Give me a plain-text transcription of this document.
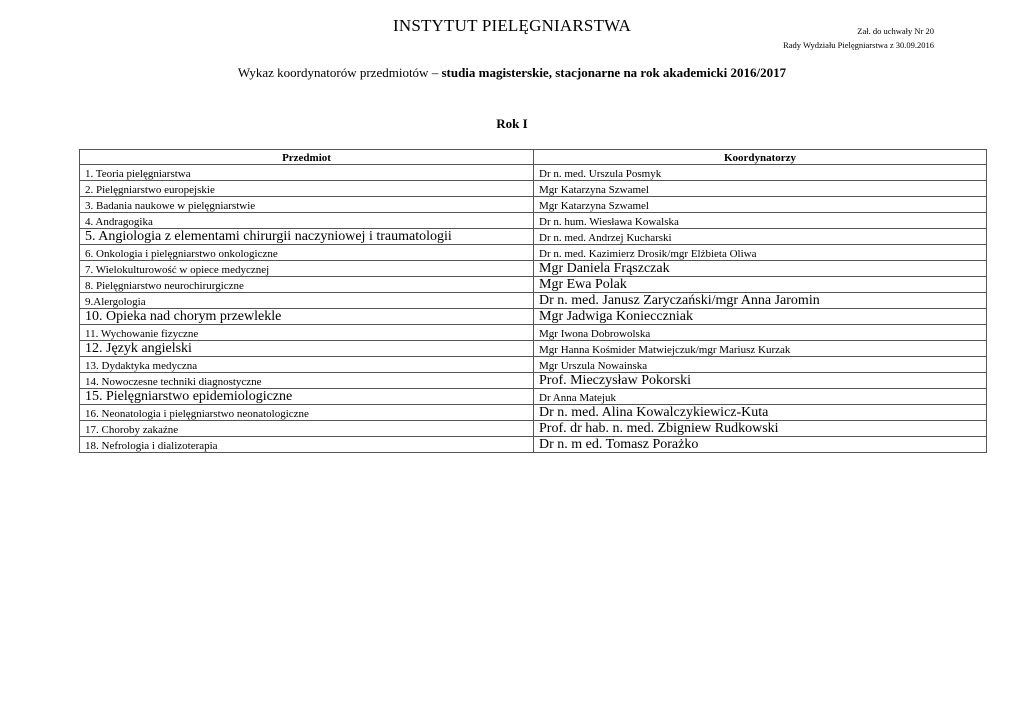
INSTYTUT PIELĘGNIARSTWA	Zał. do uchwały Nr 20
Rady Wydziału Pielęgniarstwa z 30.09.2016
Wykaz koordynatorów przedmiotów – studia magisterskie, stacjonarne na rok akademicki 2016/2017
Rok I
Przedmiot	Koordynatorzy
1. Teoria pielęgniarstwa	Dr n. med. Urszula Posmyk
2. Pielęgniarstwo europejskie	Mgr Katarzyna Szwamel
3. Badania naukowe w pielęgniarstwie	Mgr Katarzyna Szwamel
4. Andragogika	Dr n. hum. Wiesława Kowalska
5. Angiologia z elementami chirurgii naczyniowej i traumatologii	Dr n. med. Andrzej Kucharski
6. Onkologia i pielęgniarstwo onkologiczne	Dr n. med. Kazimierz Drosik/mgr Elżbieta Oliwa
7. Wielokulturowość w opiece medycznej	Mgr Daniela Frąszczak
8. Pielęgniarstwo neurochirurgiczne	Mgr Ewa Polak
9.Alergologia	Dr n. med. Janusz Zaryczański/mgr Anna Jaromin
10. Opieka nad chorym przewlekle	Mgr Jadwiga Koniecczniak
11. Wychowanie fizyczne	Mgr Iwona Dobrowolska
12. Język angielski	Mgr Hanna Kośmider Matwiejczuk/mgr Mariusz Kurzak
13. Dydaktyka medyczna	Mgr Urszula Nowainska
14. Nowoczesne techniki diagnostyczne	Prof. Mieczysław Pokorski
15. Pielęgniarstwo epidemiologiczne	Dr Anna Matejuk
16. Neonatologia i pielęgniarstwo neonatologiczne	Dr n. med. Alina Kowalczykiewicz-Kuta
17. Choroby zakaźne	Prof. dr hab. n. med. Zbigniew Rudkowski
18. Nefrologia i dializoterapia	Dr n. m ed. Tomasz Porażko
